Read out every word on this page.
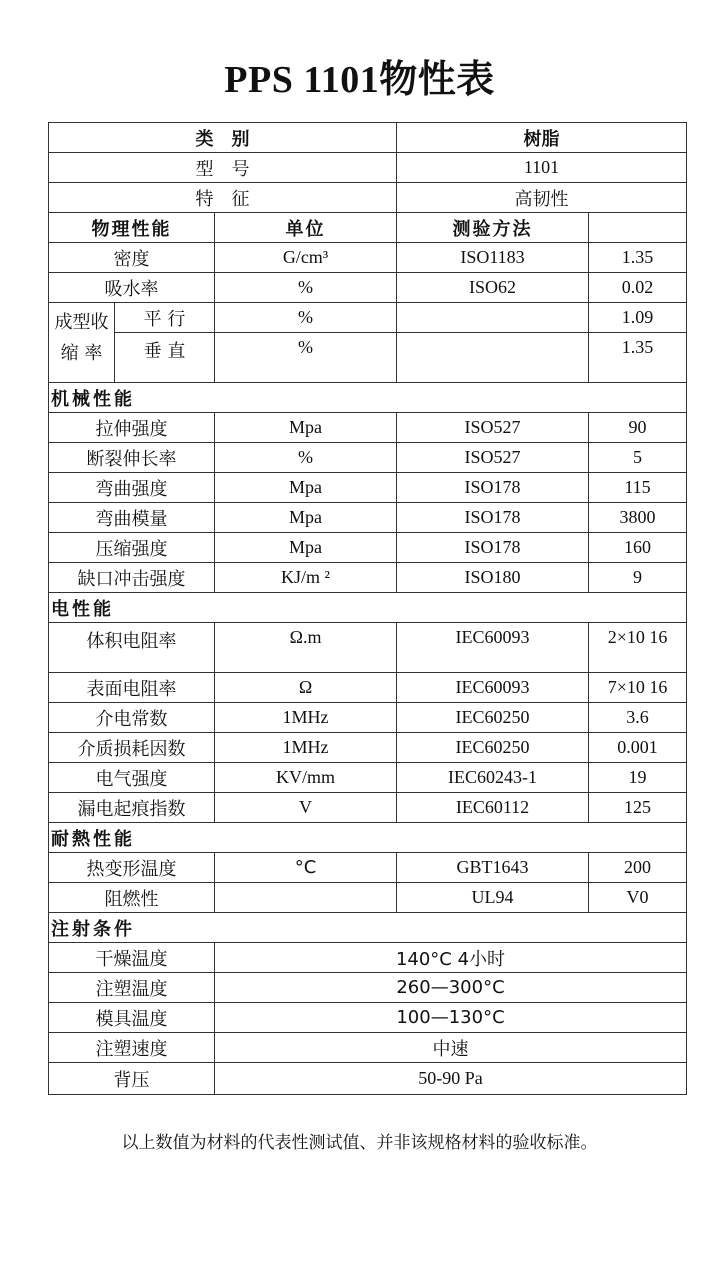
PPS 1101物性表
类　别			树脂	
型　号			1101	
特　征			高韧性	
物理性能		单位	测验方法	
密度		G/cm³	ISO1183	1.35
吸水率		%	ISO62	0.02
成型收
缩 率	平 行	%		1.09
	垂 直	%		1.35
机械性能				
拉伸强度		Mpa	ISO527	90
断裂伸长率		%	ISO527	5
弯曲强度		Mpa	ISO178	115
弯曲模量		Mpa	ISO178	3800
压缩强度		Mpa	ISO178	160
缺口冲击强度		KJ/m ²	ISO180	9
电性能				
体积电阻率		Ω.m	IEC60093	2×10 16
表面电阻率		Ω	IEC60093	7×10 16
介电常数		1MHz	IEC60250	3.6
介质损耗因数		1MHz	IEC60250	0.001
电气强度		KV/mm	IEC60243-1	19
漏电起痕指数		V	IEC60112	125
耐熱性能				
热变形温度		°C	GBT1643	200
阻燃性			UL94	V0
注射条件				
干燥温度		140°C 4小时		
注塑温度		260—300°C		
模具温度		100—130°C		
注塑速度		中速		
背压		50-90 Pa		
以上数值为材料的代表性测试值、并非该规格材料的验收标准。
